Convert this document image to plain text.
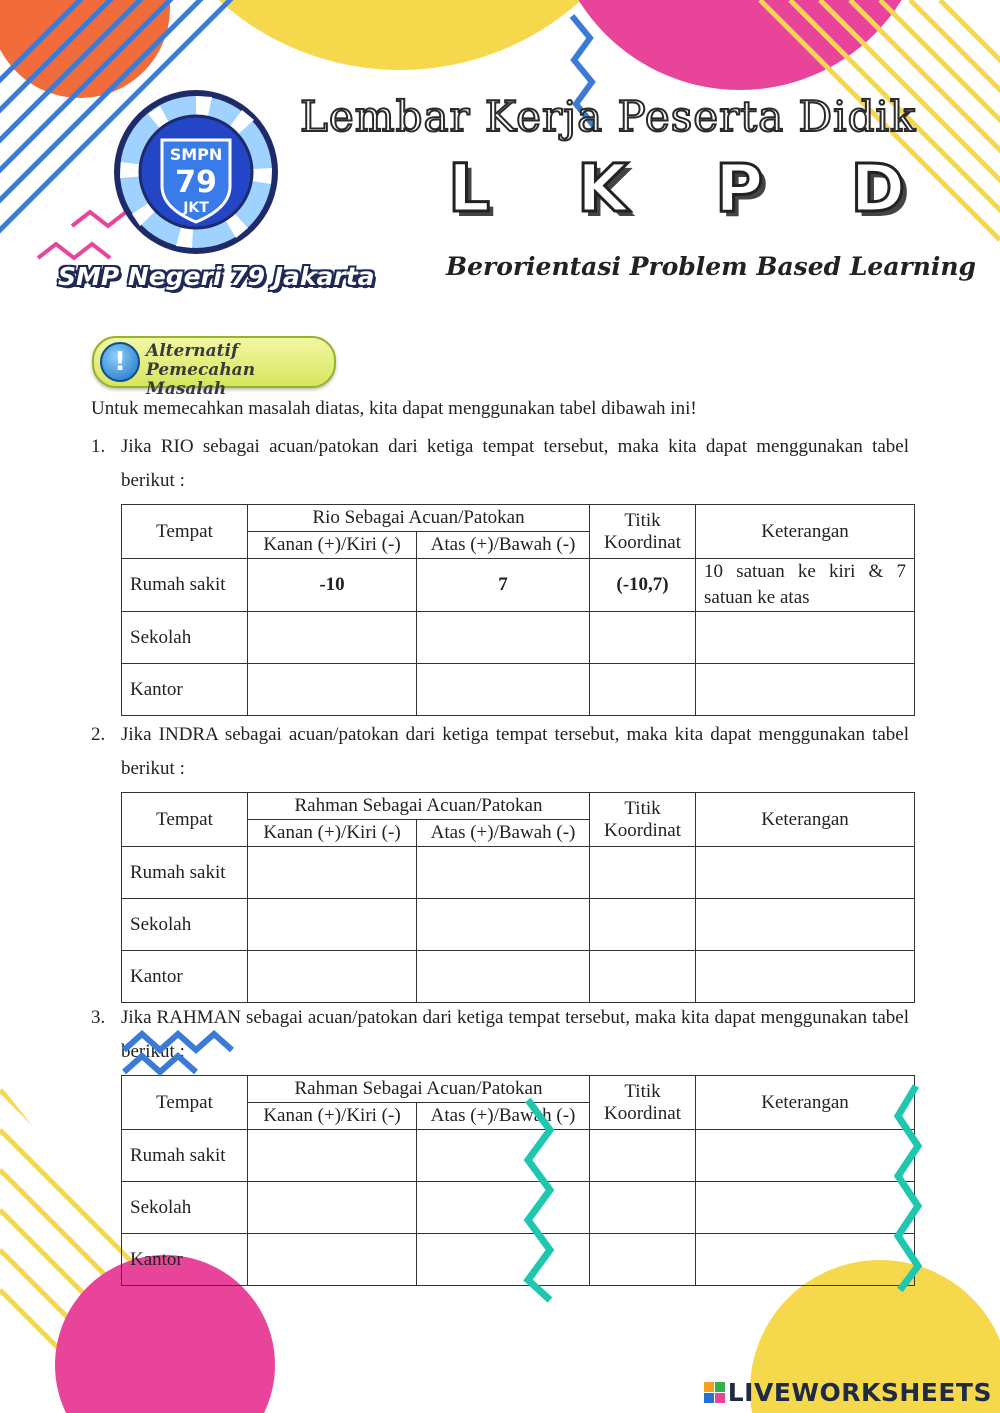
SMPN
79
JKT
SMP Negeri 79 Jakarta
Lembar Kerja Peserta Didik
L K P D
Berorientasi Problem Based Learning
!	Alternatif
Pemecahan Masalah
Untuk memecahkan masalah diatas, kita dapat menggunakan tabel dibawah ini!
1. Jika RIO sebagai acuan/patokan dari ketiga tempat tersebut, maka kita dapat menggunakan tabel berikut :
Tempat	Rio Sebagai Acuan/Patokan		Titik Koordinat	Keterangan
	Kanan (+)/Kiri (-)	Atas (+)/Bawah (-)		
Rumah sakit	-10	7	(-10,7)	10 satuan ke kiri & 7 satuan ke atas
Sekolah				
Kantor				
2. Jika INDRA sebagai acuan/patokan dari ketiga tempat tersebut, maka kita dapat menggunakan tabel berikut :
Tempat	Rahman Sebagai Acuan/Patokan		Titik Koordinat	Keterangan
	Kanan (+)/Kiri (-)	Atas (+)/Bawah (-)		
Rumah sakit				
Sekolah				
Kantor				
3. Jika RAHMAN sebagai acuan/patokan dari ketiga tempat tersebut, maka kita dapat menggunakan tabel berikut :
Tempat	Rahman Sebagai Acuan/Patokan		Titik Koordinat	Keterangan
	Kanan (+)/Kiri (-)	Atas (+)/Bawah (-)		
Rumah sakit				
Sekolah				
Kantor				
LIVEWORKSHEETS
